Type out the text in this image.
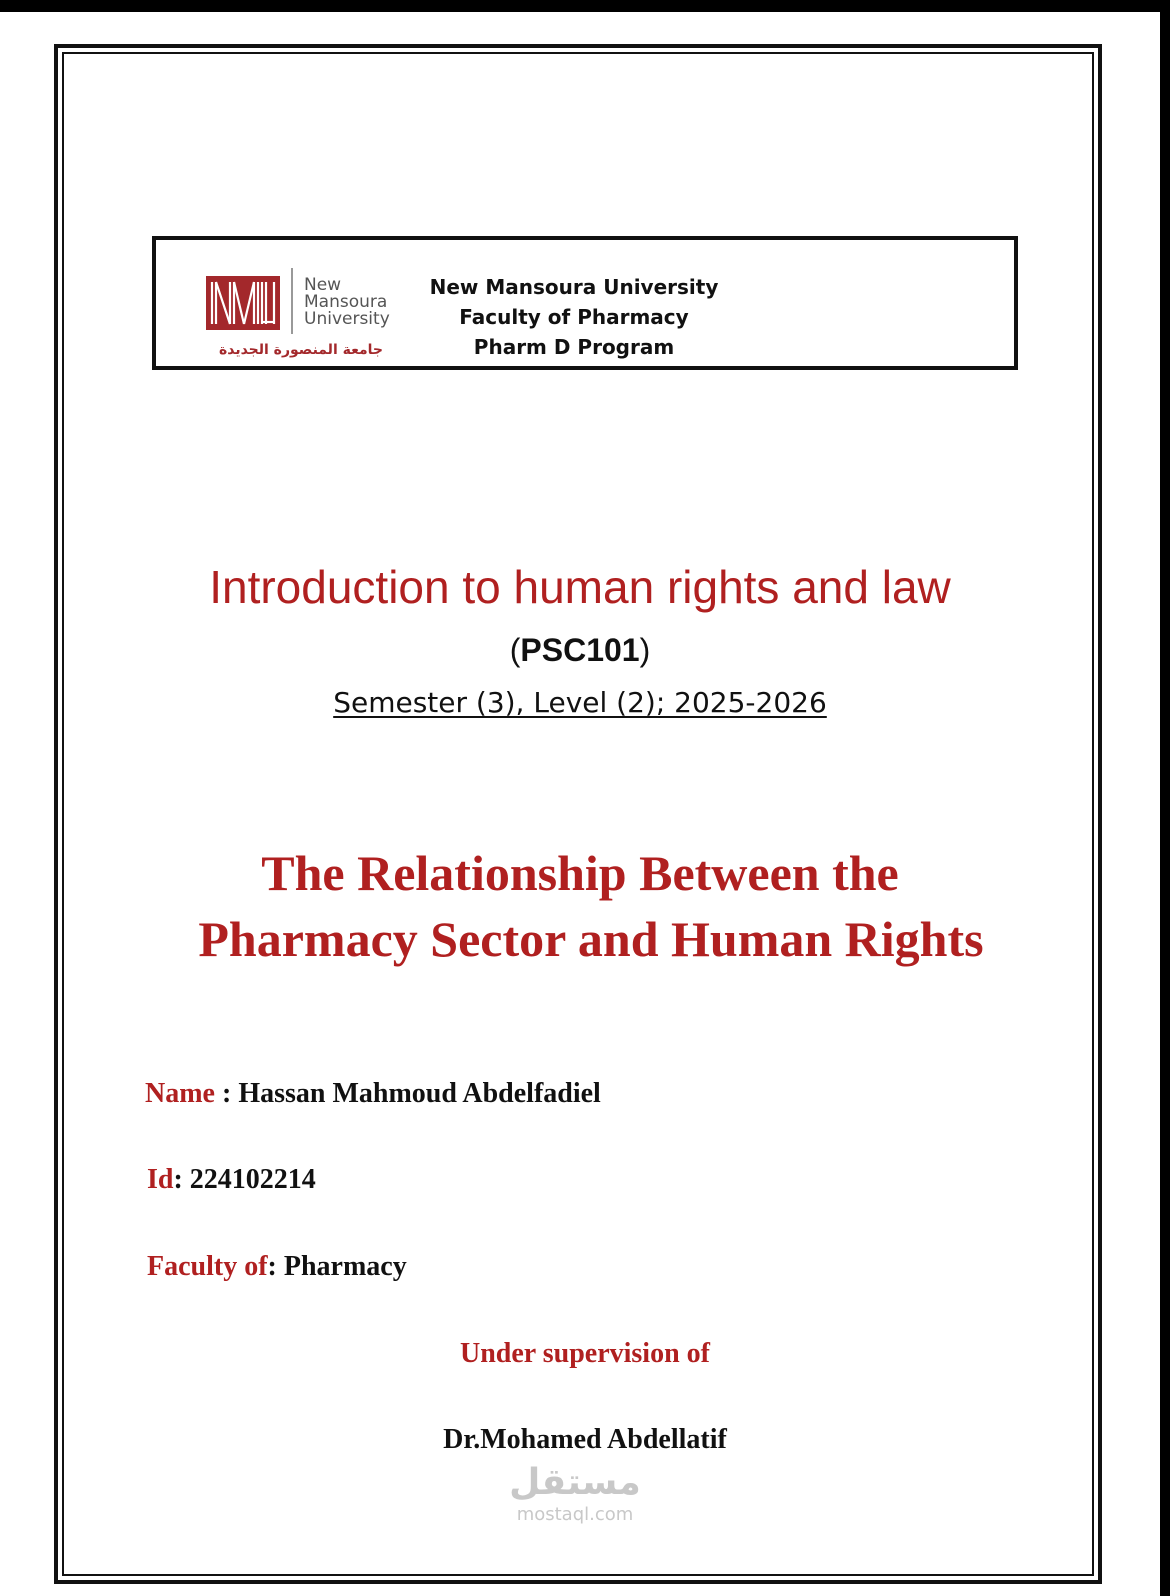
New
Mansoura
University
جامعة المنصورة الجديدة
New Mansoura University
Faculty of Pharmacy
Pharm D Program
Introduction to human rights and law
(PSC101)
Semester (3), Level (2); 2025-2026
The Relationship Between the
Pharmacy Sector and Human Rights
Name : Hassan Mahmoud Abdelfadiel
Id: 224102214
Faculty of: Pharmacy
Under supervision of
Dr.Mohamed Abdellatif
مستقل
mostaql.com
